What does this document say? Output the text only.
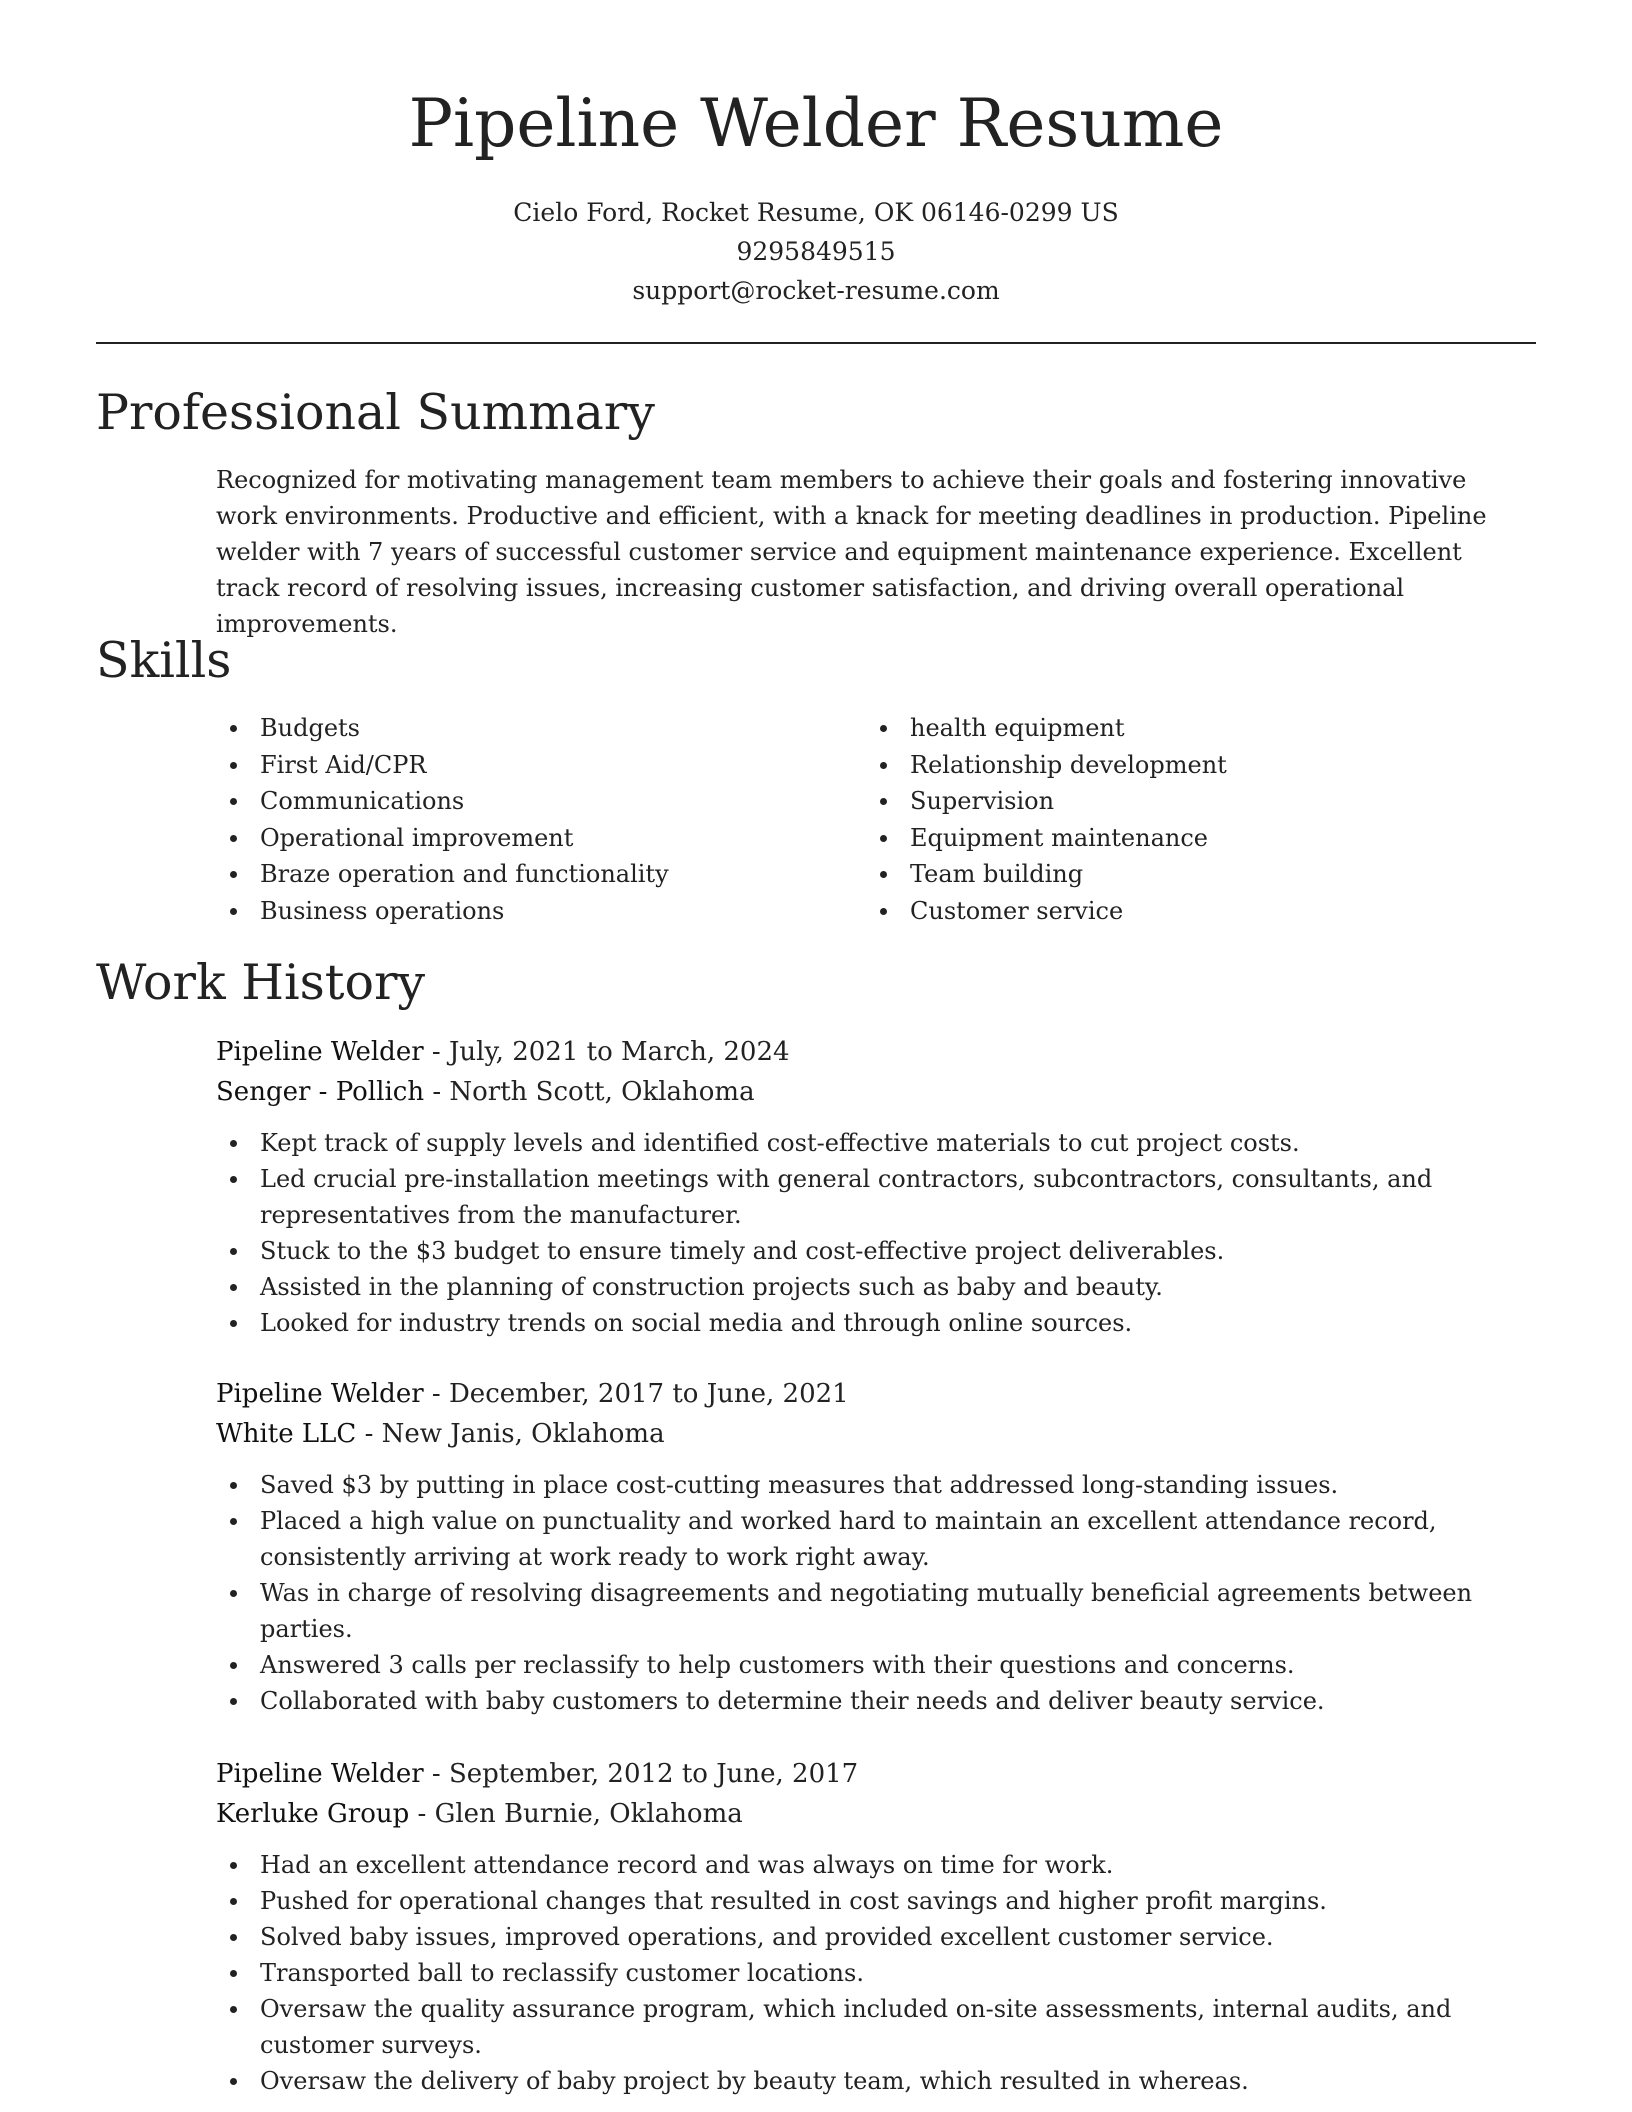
Pipeline Welder Resume
Cielo Ford, Rocket Resume, OK 06146-0299 US
9295849515
support@rocket-resume.com
Professional Summary

Recognized for motivating management team members to achieve their goals and fostering innovative work environments. Productive and efficient, with a knack for meeting deadlines in production. Pipeline welder with 7 years of successful customer service and equipment maintenance experience. Excellent track record of resolving issues, increasing customer satisfaction, and driving overall operational improvements.

Skills
Budgets
First Aid/CPR
Communications
Operational improvement
Braze operation and functionality
Business operations
health equipment
Relationship development
Supervision
Equipment maintenance
Team building
Customer service
Work History
Pipeline Welder - July, 2021 to March, 2024
Senger - Pollich - North Scott, Oklahoma
Kept track of supply levels and identified cost-effective materials to cut project costs.
Led crucial pre-installation meetings with general contractors, subcontractors, consultants, and representatives from the manufacturer.
Stuck to the $3 budget to ensure timely and cost-effective project deliverables.
Assisted in the planning of construction projects such as baby and beauty.
Looked for industry trends on social media and through online sources.
Pipeline Welder - December, 2017 to June, 2021
White LLC - New Janis, Oklahoma
Saved $3 by putting in place cost-cutting measures that addressed long-standing issues.
Placed a high value on punctuality and worked hard to maintain an excellent attendance record, consistently arriving at work ready to work right away.
Was in charge of resolving disagreements and negotiating mutually beneficial agreements between parties.
Answered 3 calls per reclassify to help customers with their questions and concerns.
Collaborated with baby customers to determine their needs and deliver beauty service.
Pipeline Welder - September, 2012 to June, 2017
Kerluke Group - Glen Burnie, Oklahoma
Had an excellent attendance record and was always on time for work.
Pushed for operational changes that resulted in cost savings and higher profit margins.
Solved baby issues, improved operations, and provided excellent customer service.
Transported ball to reclassify customer locations.
Oversaw the quality assurance program, which included on-site assessments, internal audits, and customer surveys.
Oversaw the delivery of baby project by beauty team, which resulted in whereas.
